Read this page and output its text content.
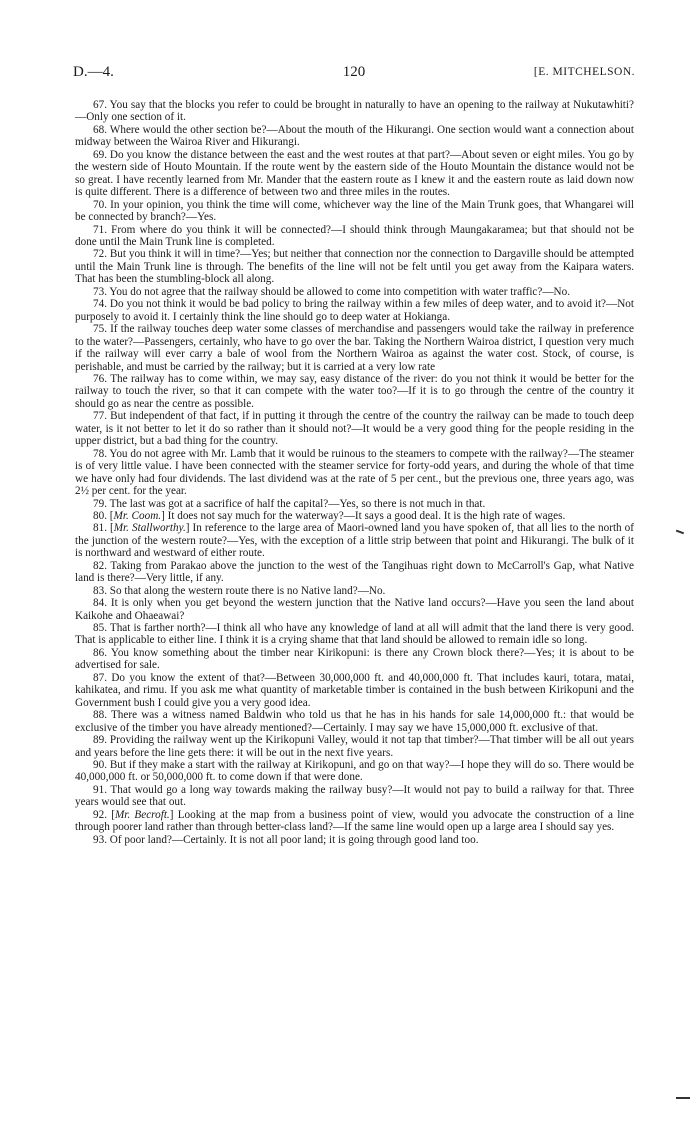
D.—4.	120	[E. MITCHELSON.

67. You say that the blocks you refer to could be brought in naturally to have an opening to the railway at Nukutawhiti?—Only one section of it.

68. Where would the other section be?—About the mouth of the Hikurangi. One section would want a connection about midway between the Wairoa River and Hikurangi.

69. Do you know the distance between the east and the west routes at that part?—About seven or eight miles. You go by the western side of Houto Mountain. If the route went by the eastern side of the Houto Mountain the distance would not be so great. I have recently learned from Mr. Mander that the eastern route as I knew it and the eastern route as laid down now is quite different. There is a difference of between two and three miles in the routes.

70. In your opinion, you think the time will come, whichever way the line of the Main Trunk goes, that Whangarei will be connected by branch?—Yes.

71. From where do you think it will be connected?—I should think through Maungakaramea; but that should not be done until the Main Trunk line is completed.

72. But you think it will in time?—Yes; but neither that connection nor the connection to Dargaville should be attempted until the Main Trunk line is through. The benefits of the line will not be felt until you get away from the Kaipara waters. That has been the stumbling-block all along.

73. You do not agree that the railway should be allowed to come into competition with water traffic?—No.

74. Do you not think it would be bad policy to bring the railway within a few miles of deep water, and to avoid it?—Not purposely to avoid it. I certainly think the line should go to deep water at Hokianga.

75. If the railway touches deep water some classes of merchandise and passengers would take the railway in preference to the water?—Passengers, certainly, who have to go over the bar. Taking the Northern Wairoa district, I question very much if the railway will ever carry a bale of wool from the Northern Wairoa as against the water cost. Stock, of course, is perishable, and must be carried by the railway; but it is carried at a very low rate

76. The railway has to come within, we may say, easy distance of the river: do you not think it would be better for the railway to touch the river, so that it can compete with the water too?—If it is to go through the centre of the country it should go as near the centre as possible.

77. But independent of that fact, if in putting it through the centre of the country the railway can be made to touch deep water, is it not better to let it do so rather than it should not?—It would be a very good thing for the people residing in the upper district, but a bad thing for the country.

78. You do not agree with Mr. Lamb that it would be ruinous to the steamers to compete with the railway?—The steamer is of very little value. I have been connected with the steamer service for forty-odd years, and during the whole of that time we have only had four dividends. The last dividend was at the rate of 5 per cent., but the previous one, three years ago, was 2½ per cent. for the year.

79. The last was got at a sacrifice of half the capital?—Yes, so there is not much in that.

80. [Mr. Coom.] It does not say much for the waterway?—It says a good deal. It is the high rate of wages.

81. [Mr. Stallworthy.] In reference to the large area of Maori-owned land you have spoken of, that all lies to the north of the junction of the western route?—Yes, with the exception of a little strip between that point and Hikurangi. The bulk of it is northward and westward of either route.

82. Taking from Parakao above the junction to the west of the Tangihuas right down to McCarroll's Gap, what Native land is there?—Very little, if any.

83. So that along the western route there is no Native land?—No.

84. It is only when you get beyond the western junction that the Native land occurs?—Have you seen the land about Kaikohe and Ohaeawai?

85. That is farther north?—I think all who have any knowledge of land at all will admit that the land there is very good. That is applicable to either line. I think it is a crying shame that that land should be allowed to remain idle so long.

86. You know something about the timber near Kirikopuni: is there any Crown block there?—Yes; it is about to be advertised for sale.

87. Do you know the extent of that?—Between 30,000,000 ft. and 40,000,000 ft. That includes kauri, totara, matai, kahikatea, and rimu. If you ask me what quantity of marketable timber is contained in the bush between Kirikopuni and the Government bush I could give you a very good idea.

88. There was a witness named Baldwin who told us that he has in his hands for sale 14,000,000 ft.: that would be exclusive of the timber you have already mentioned?—Certainly. I may say we have 15,000,000 ft. exclusive of that.

89. Providing the railway went up the Kirikopuni Valley, would it not tap that timber?—That timber will be all out years and years before the line gets there: it will be out in the next five years.

90. But if they make a start with the railway at Kirikopuni, and go on that way?—I hope they will do so. There would be 40,000,000 ft. or 50,000,000 ft. to come down if that were done.

91. That would go a long way towards making the railway busy?—It would not pay to build a railway for that. Three years would see that out.

92. [Mr. Becroft.] Looking at the map from a business point of view, would you advocate the construction of a line through poorer land rather than through better-class land?—If the same line would open up a large area I should say yes.

93. Of poor land?—Certainly. It is not all poor land; it is going through good land too.
